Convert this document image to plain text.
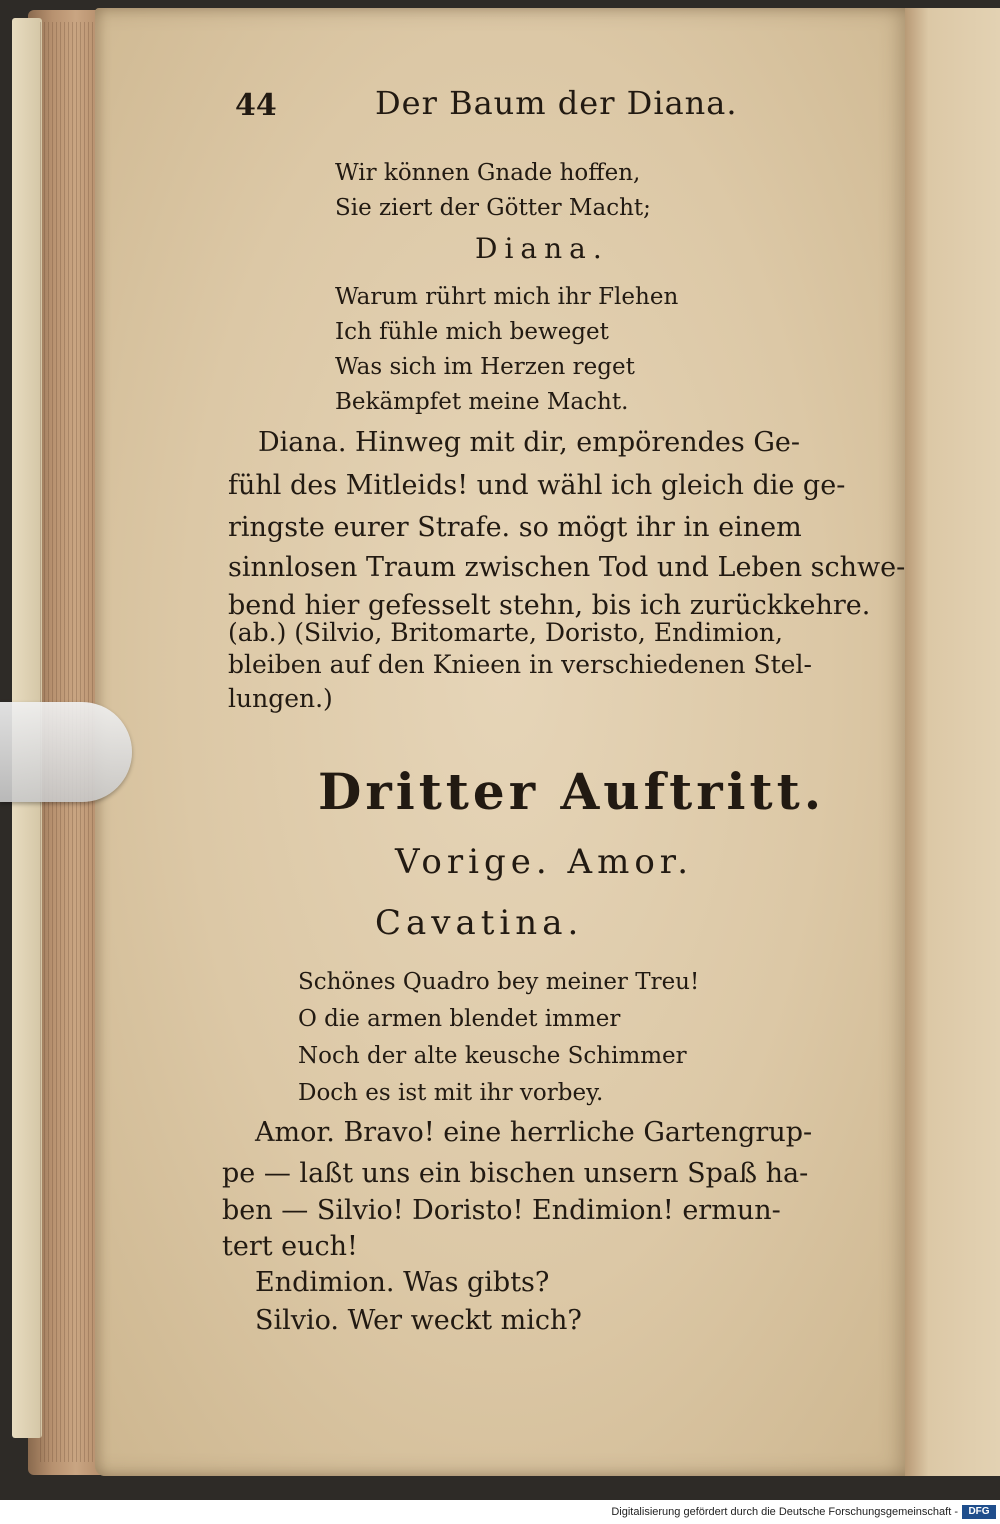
44	Der Baum der Diana.
Wir können Gnade hoffen,
Sie ziert der Götter Macht;
Diana.
Warum rührt mich ihr Flehen
Ich fühle mich beweget
Was sich im Herzen reget
Bekämpfet meine Macht.
Diana. Hinweg mit dir, empörendes Ge-
fühl des Mitleids! und wähl ich gleich die ge-
ringste eurer Strafe. so mögt ihr in einem
sinnlosen Traum zwischen Tod und Leben schwe-
bend hier gefesselt stehn, bis ich zurückkehre.
(ab.) (Silvio, Britomarte, Doristo, Endimion,
bleiben auf den Knieen in verschiedenen Stel-
lungen.)
Dritter Auftritt.
Vorige. Amor.
Cavatina.
Schönes Quadro bey meiner Treu!
O die armen blendet immer
Noch der alte keusche Schimmer
Doch es ist mit ihr vorbey.
Amor. Bravo! eine herrliche Gartengrup-
pe — laßt uns ein bischen unsern Spaß ha-
ben — Silvio! Doristo! Endimion! ermun-
tert euch!
Endimion. Was gibts?
Silvio. Wer weckt mich?
Digitalisierung gefördert durch die Deutsche Forschungsgemeinschaft -	DFG
